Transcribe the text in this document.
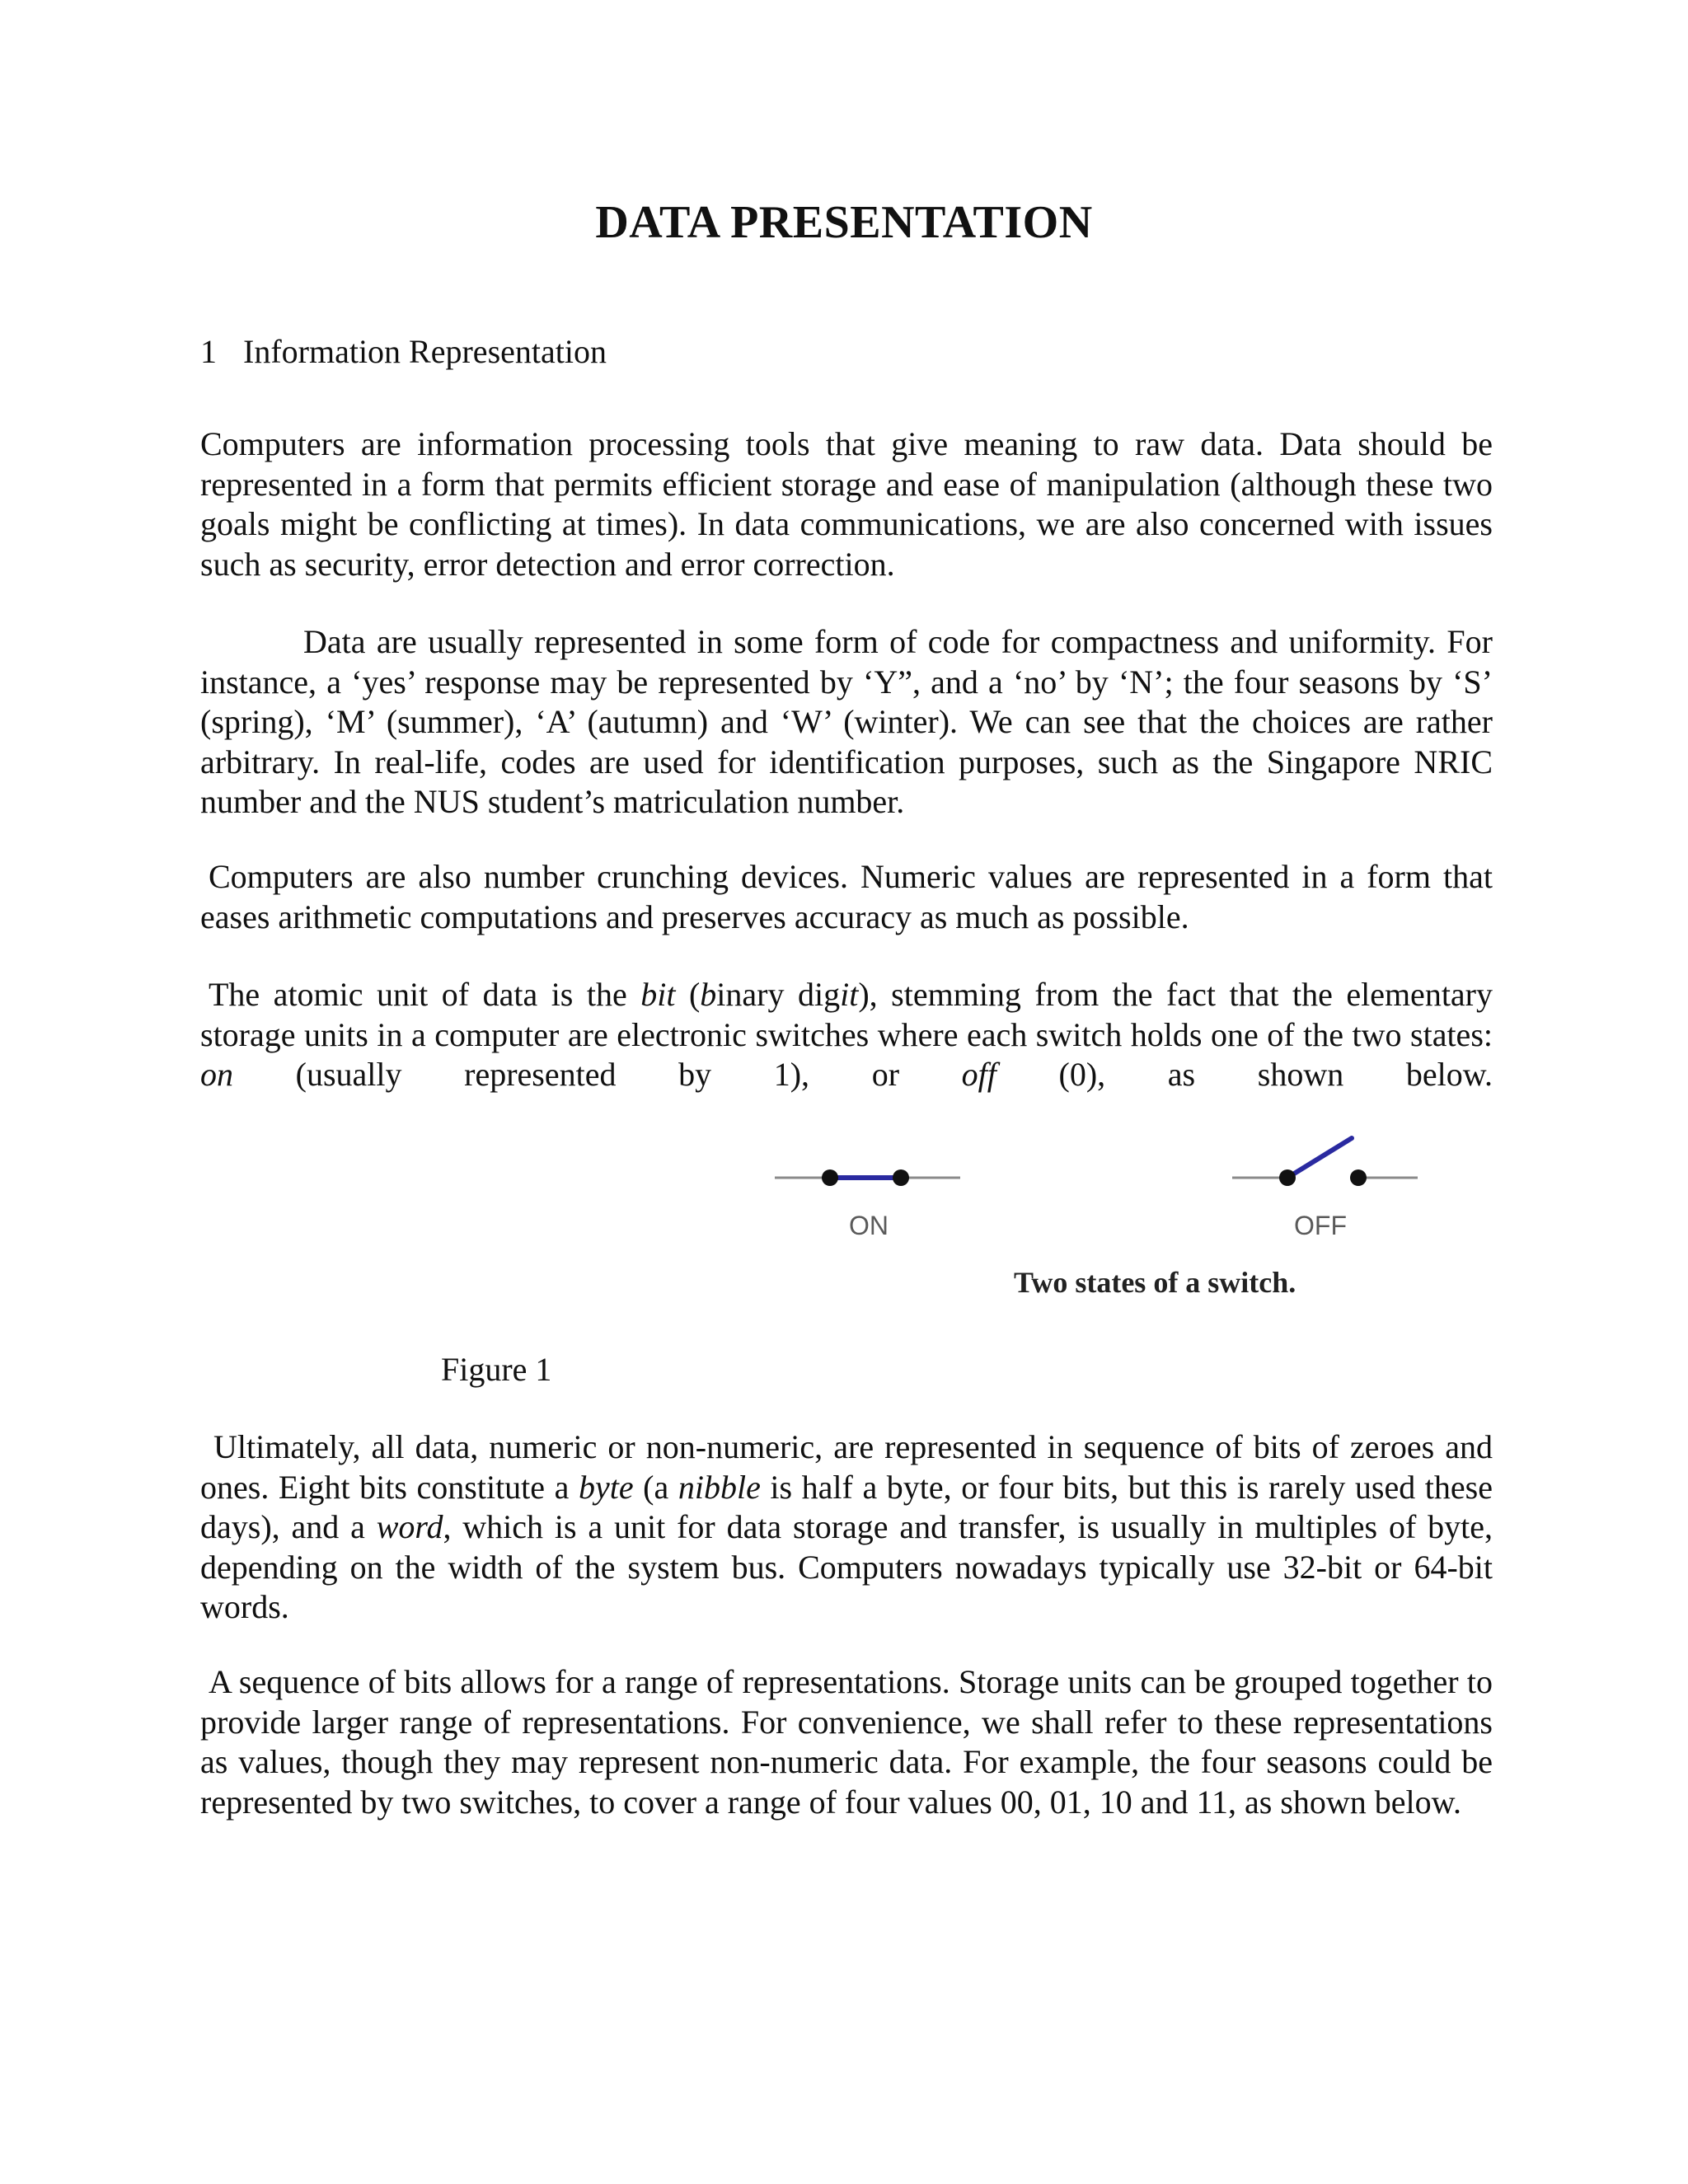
DATA PRESENTATION

1 Information Representation

Computers are information processing tools that give meaning to raw data. Data should be represented in a form that permits efficient storage and ease of manipulation (although these two goals might be conflicting at times). In data communications, we are also concerned with issues such as security, error detection and error correction.

Data are usually represented in some form of code for compactness and uniformity. For instance, a ‘yes’ response may be represented by ‘Y”, and a ‘no’ by ‘N’; the four seasons by ‘S’ (spring), ‘M’ (summer), ‘A’ (autumn) and ‘W’ (winter). We can see that the choices are rather arbitrary. In real-life, codes are used for identification purposes, such as the Singapore NRIC number and the NUS student’s matriculation number.

Computers are also number crunching devices. Numeric values are represented in a form that eases arithmetic computations and preserves accuracy as much as possible.

The atomic unit of data is the bit (binary digit), stemming from the fact that the elementary storage units in a computer are electronic switches where each switch holds one of the two states: on (usually represented by 1), or off (0), as shown below.

ON	OFF
Two states of a switch.

Figure 1

Ultimately, all data, numeric or non-numeric, are represented in sequence of bits of zeroes and ones. Eight bits constitute a byte (a nibble is half a byte, or four bits, but this is rarely used these days), and a word, which is a unit for data storage and transfer, is usually in multiples of byte, depending on the width of the system bus. Computers nowadays typically use 32-bit or 64-bit words.

A sequence of bits allows for a range of representations. Storage units can be grouped together to provide larger range of representations. For convenience, we shall refer to these representations as values, though they may represent non-numeric data. For example, the four seasons could be represented by two switches, to cover a range of four values 00, 01, 10 and 11, as shown below.
